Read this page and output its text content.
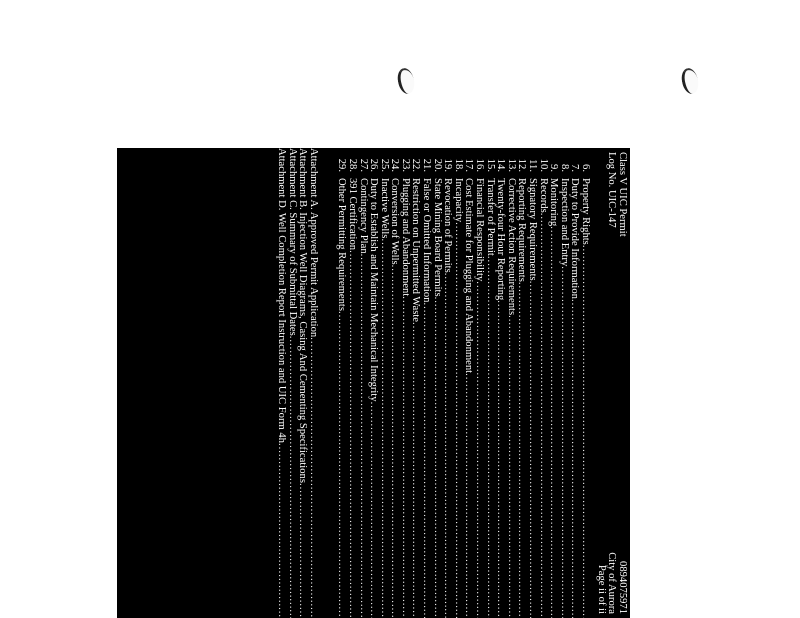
Class V UIC Permit
Log No. UIC-147
0894075971
City of Aurora
Page ii of ii
6.
Property Rights
.....
7.
Duty to Provide Information
.....
8.
Inspection and Entry
.....
9.
Monitoring
.....
10.
Records
.....
11.
Signatory Requirements
.....
12.
Reporting Requirements
.....
13.
Corrective Action Requirements
.....
14.
Twenty-four Hour Reporting
.....
15.
Transfer of Permit
.....
16.
Financial Responsibility
.....
17.
Cost Estimate for Plugging and Abandonment
.....
18.
Incapacity
.....
19.
Revocation of Permits
.....
20.
State Mining Board Permits
.....
21.
False or Omitted Information
.....
22.
Restriction on Unpermitted Waste
.....
23.
Plugging and Abandonment
.....
24.
Conversion of Wells
.....
25.
Inactive Wells
.....
26.
Duty to Establish and Maintain Mechanical Integrity
.....
27.
Contingency Plan
.....
28.
391 Certification
.....
29.
Other Permitting Requirements
.....
Attachment A. Approved Permit Application
.....
Attachment B. Injection Well Diagrams, Casing And Cementing Specifications
.....
Attachment C. Summary of Submittal Dates
.....
Attachment D. Well Completion Report Instruction and UIC Form 4h
.....
